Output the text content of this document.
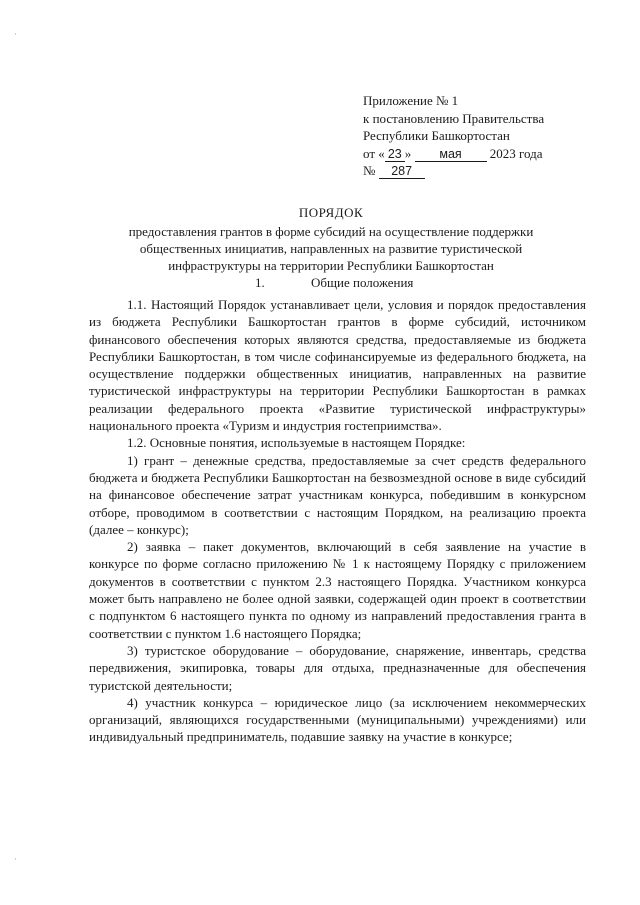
·
·
Приложение № 1
к постановлению Правительства
Республики Башкортостан
от « 23 » мая 2023 года
№ 287
ПОРЯДОК
предоставления грантов в форме субсидий на осуществление поддержки общественных инициатив, направленных на развитие туристической инфраструктуры на территории Республики Башкортостан
1.	Общие положения

1.1. Настоящий Порядок устанавливает цели, условия и порядок предоставления из бюджета Республики Башкортостан грантов в форме субсидий, источником финансового обеспечения которых являются средства, предоставляемые из бюджета Республики Башкортостан, в том числе софинансируемые из федерального бюджета, на осуществление поддержки общественных инициатив, направленных на развитие туристической инфраструктуры на территории Республики Башкортостан в рамках реализации федерального проекта «Развитие туристической инфраструктуры» национального проекта «Туризм и индустрия гостеприимства».

1.2. Основные понятия, используемые в настоящем Порядке:

1) грант – денежные средства, предоставляемые за счет средств федерального бюджета и бюджета Республики Башкортостан на безвозмездной основе в виде субсидий на финансовое обеспечение затрат участникам конкурса, победившим в конкурсном отборе, проводимом в соответствии с настоящим Порядком, на реализацию проекта (далее – конкурс);

2) заявка – пакет документов, включающий в себя заявление на участие в конкурсе по форме согласно приложению № 1 к настоящему Порядку с приложением документов в соответствии с пунктом 2.3 настоящего Порядка. Участником конкурса может быть направлено не более одной заявки, содержащей один проект в соответствии с подпунктом 6 настоящего пункта по одному из направлений предоставления гранта в соответствии с пунктом 1.6 настоящего Порядка;

3) туристское оборудование – оборудование, снаряжение, инвентарь, средства передвижения, экипировка, товары для отдыха, предназначенные для обеспечения туристской деятельности;

4) участник конкурса – юридическое лицо (за исключением некоммерческих организаций, являющихся государственными (муниципальными) учреждениями) или индивидуальный предприниматель, подавшие заявку на участие в конкурсе;
